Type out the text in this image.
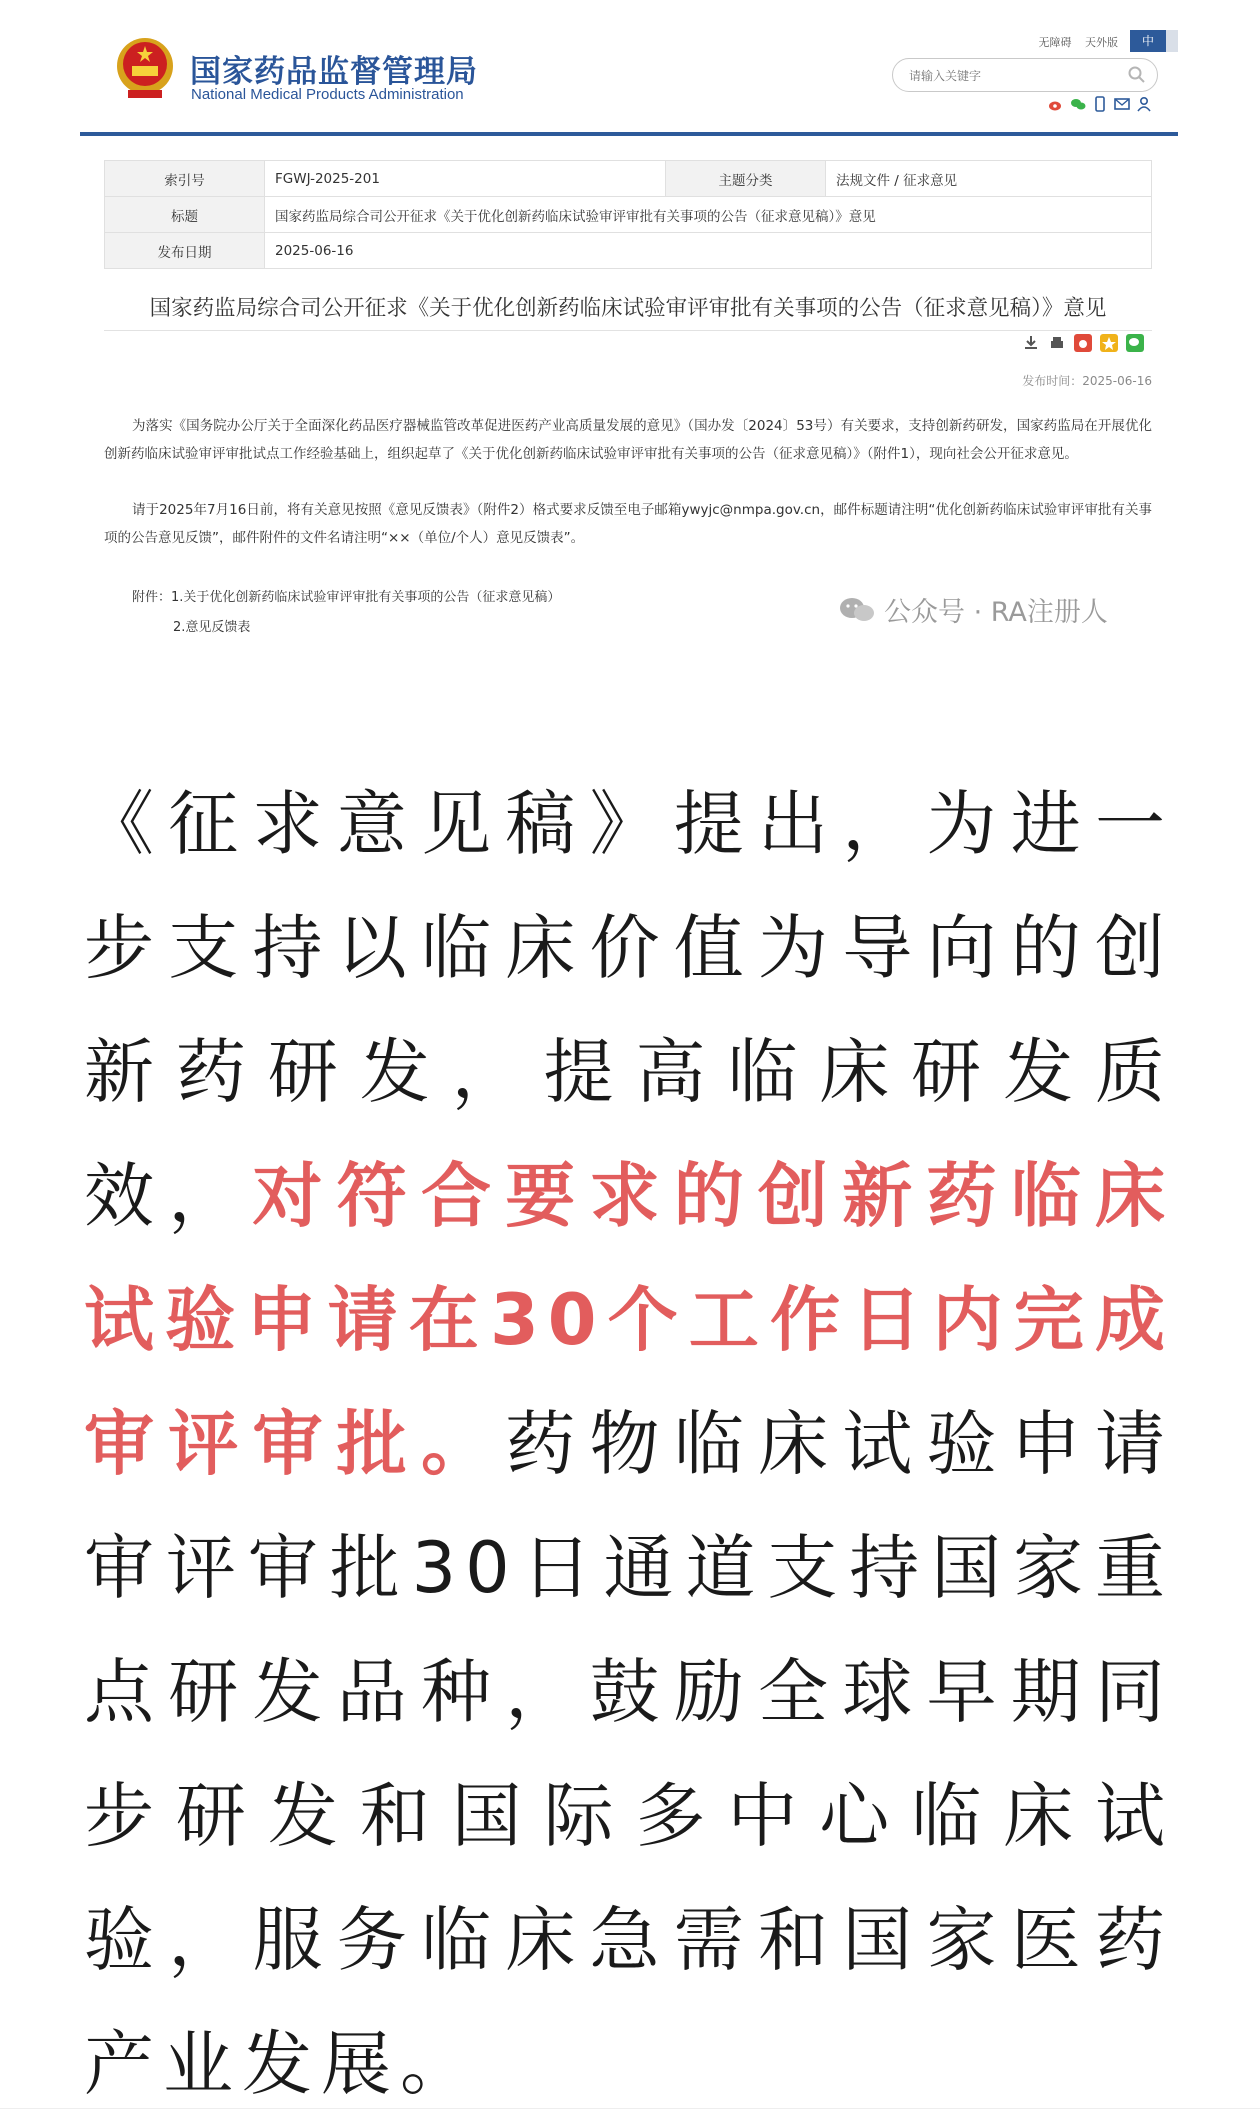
国家药品监督管理局
National Medical Products Administration
无障碍 天外版	中
请输入关键字
索引号	FGWJ-2025-201	主题分类	法规文件 / 征求意见
标题	国家药监局综合司公开征求《关于优化创新药临床试验审评审批有关事项的公告（征求意见稿）》意见		
发布日期	2025-06-16		
国家药监局综合司公开征求《关于优化创新药临床试验审评审批有关事项的公告（征求意见稿）》意见
发布时间：2025-06-16
为落实《国务院办公厅关于全面深化药品医疗器械监管改革促进医药产业高质量发展的意见》（国办发〔2024〕53号）有关要求，支持创新药研发，国家药监局在开展优化创新药临床试验审评审批试点工作经验基础上，组织起草了《关于优化创新药临床试验审评审批有关事项的公告（征求意见稿）》（附件1），现向社会公开征求意见。
请于2025年7月16日前，将有关意见按照《意见反馈表》（附件2）格式要求反馈至电子邮箱ywyjc@nmpa.gov.cn，邮件标题请注明“优化创新药临床试验审评审批有关事项的公告意见反馈”，邮件附件的文件名请注明“××（单位/个人）意见反馈表”。
附件：1.关于优化创新药临床试验审评审批有关事项的公告（征求意见稿）
2.意见反馈表	公众号 · RA注册人
《征求意见稿》提出，为进一步支持以临床价值为导向的创新药研发，提高临床研发质效，对符合要求的创新药临床试验申请在30个工作日内完成审评审批。药物临床试验申请审评审批30日通道支持国家重点研发品种，鼓励全球早期同步研发和国际多中心临床试验，服务临床急需和国家医药产业发展。
